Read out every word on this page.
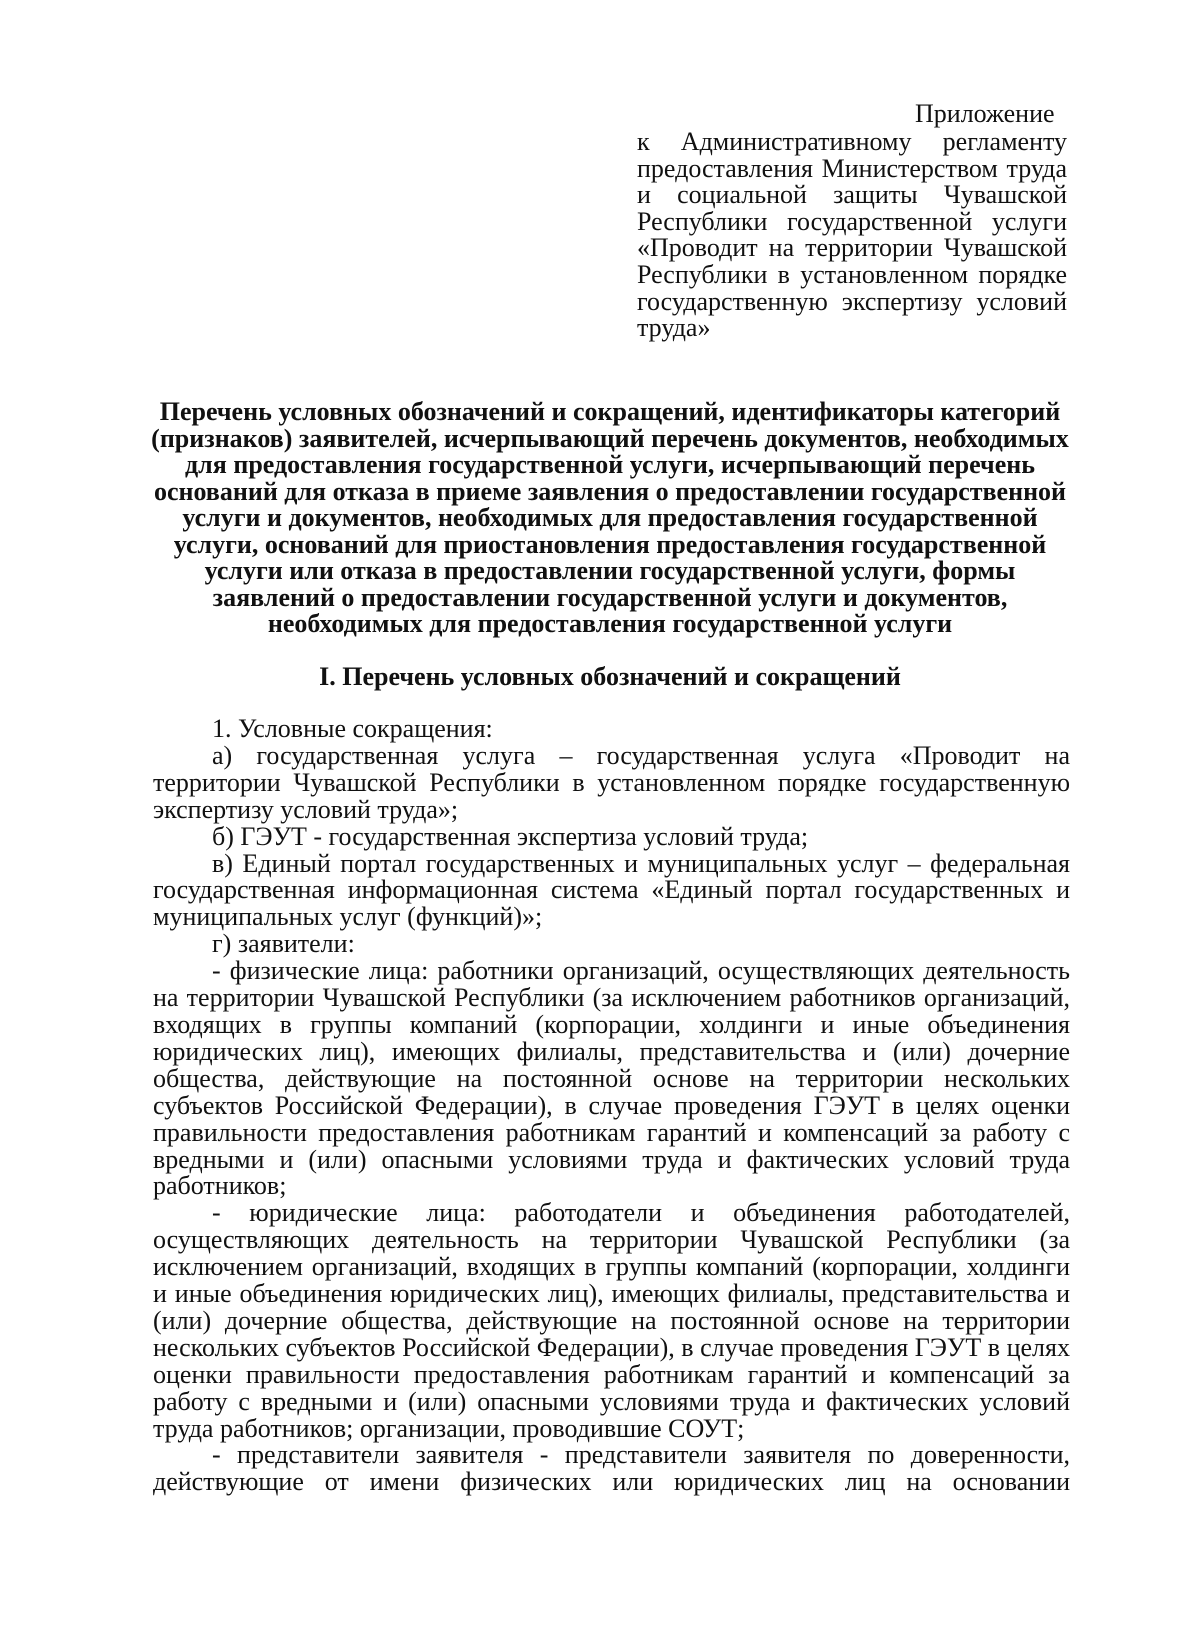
Приложение
к Административному регламенту предоставления Министерством труда и социальной защиты Чувашской Республики государственной услуги «Проводит на территории Чувашской Республики в установленном порядке государственную экспертизу условий труда»
Перечень условных обозначений и сокращений, идентификаторы категорий (признаков) заявителей, исчерпывающий перечень документов, необходимых для предоставления государственной услуги, исчерпывающий перечень оснований для отказа в приеме заявления о предоставлении государственной услуги и документов, необходимых для предоставления государственной услуги, оснований для приостановления предоставления государственной услуги или отказа в предоставлении государственной услуги, формы заявлений о предоставлении государственной услуги и документов, необходимых для предоставления государственной услуги
I. Перечень условных обозначений и сокращений

1. Условные сокращения:

а) государственная услуга – государственная услуга «Проводит на территории Чувашской Республики в установленном порядке государственную экспертизу условий труда»;

б) ГЭУТ - государственная экспертиза условий труда;

в) Единый портал государственных и муниципальных услуг – федеральная государственная информационная система «Единый портал государственных и муниципальных услуг (функций)»;

г) заявители:

- физические лица: работники организаций, осуществляющих деятельность на территории Чувашской Республики (за исключением работников организаций, входящих в группы компаний (корпорации, холдинги и иные объединения юридических лиц), имеющих филиалы, представительства и (или) дочерние общества, действующие на постоянной основе на территории нескольких субъектов Российской Федерации), в случае проведения ГЭУТ в целях оценки правильности предоставления работникам гарантий и компенсаций за работу с вредными и (или) опасными условиями труда и фактических условий труда работников;

- юридические лица: работодатели и объединения работодателей, осуществляющих деятельность на территории Чувашской Республики (за исключением организаций, входящих в группы компаний (корпорации, холдинги и иные объединения юридических лиц), имеющих филиалы, представительства и (или) дочерние общества, действующие на постоянной основе на территории нескольких субъектов Российской Федерации), в случае проведения ГЭУТ в целях оценки правильности предоставления работникам гарантий и компенсаций за работу с вредными и (или) опасными условиями труда и фактических условий труда работников; организации, проводившие СОУТ;

- представители заявителя - представители заявителя по доверенности, действующие от имени физических или юридических лиц на основании
